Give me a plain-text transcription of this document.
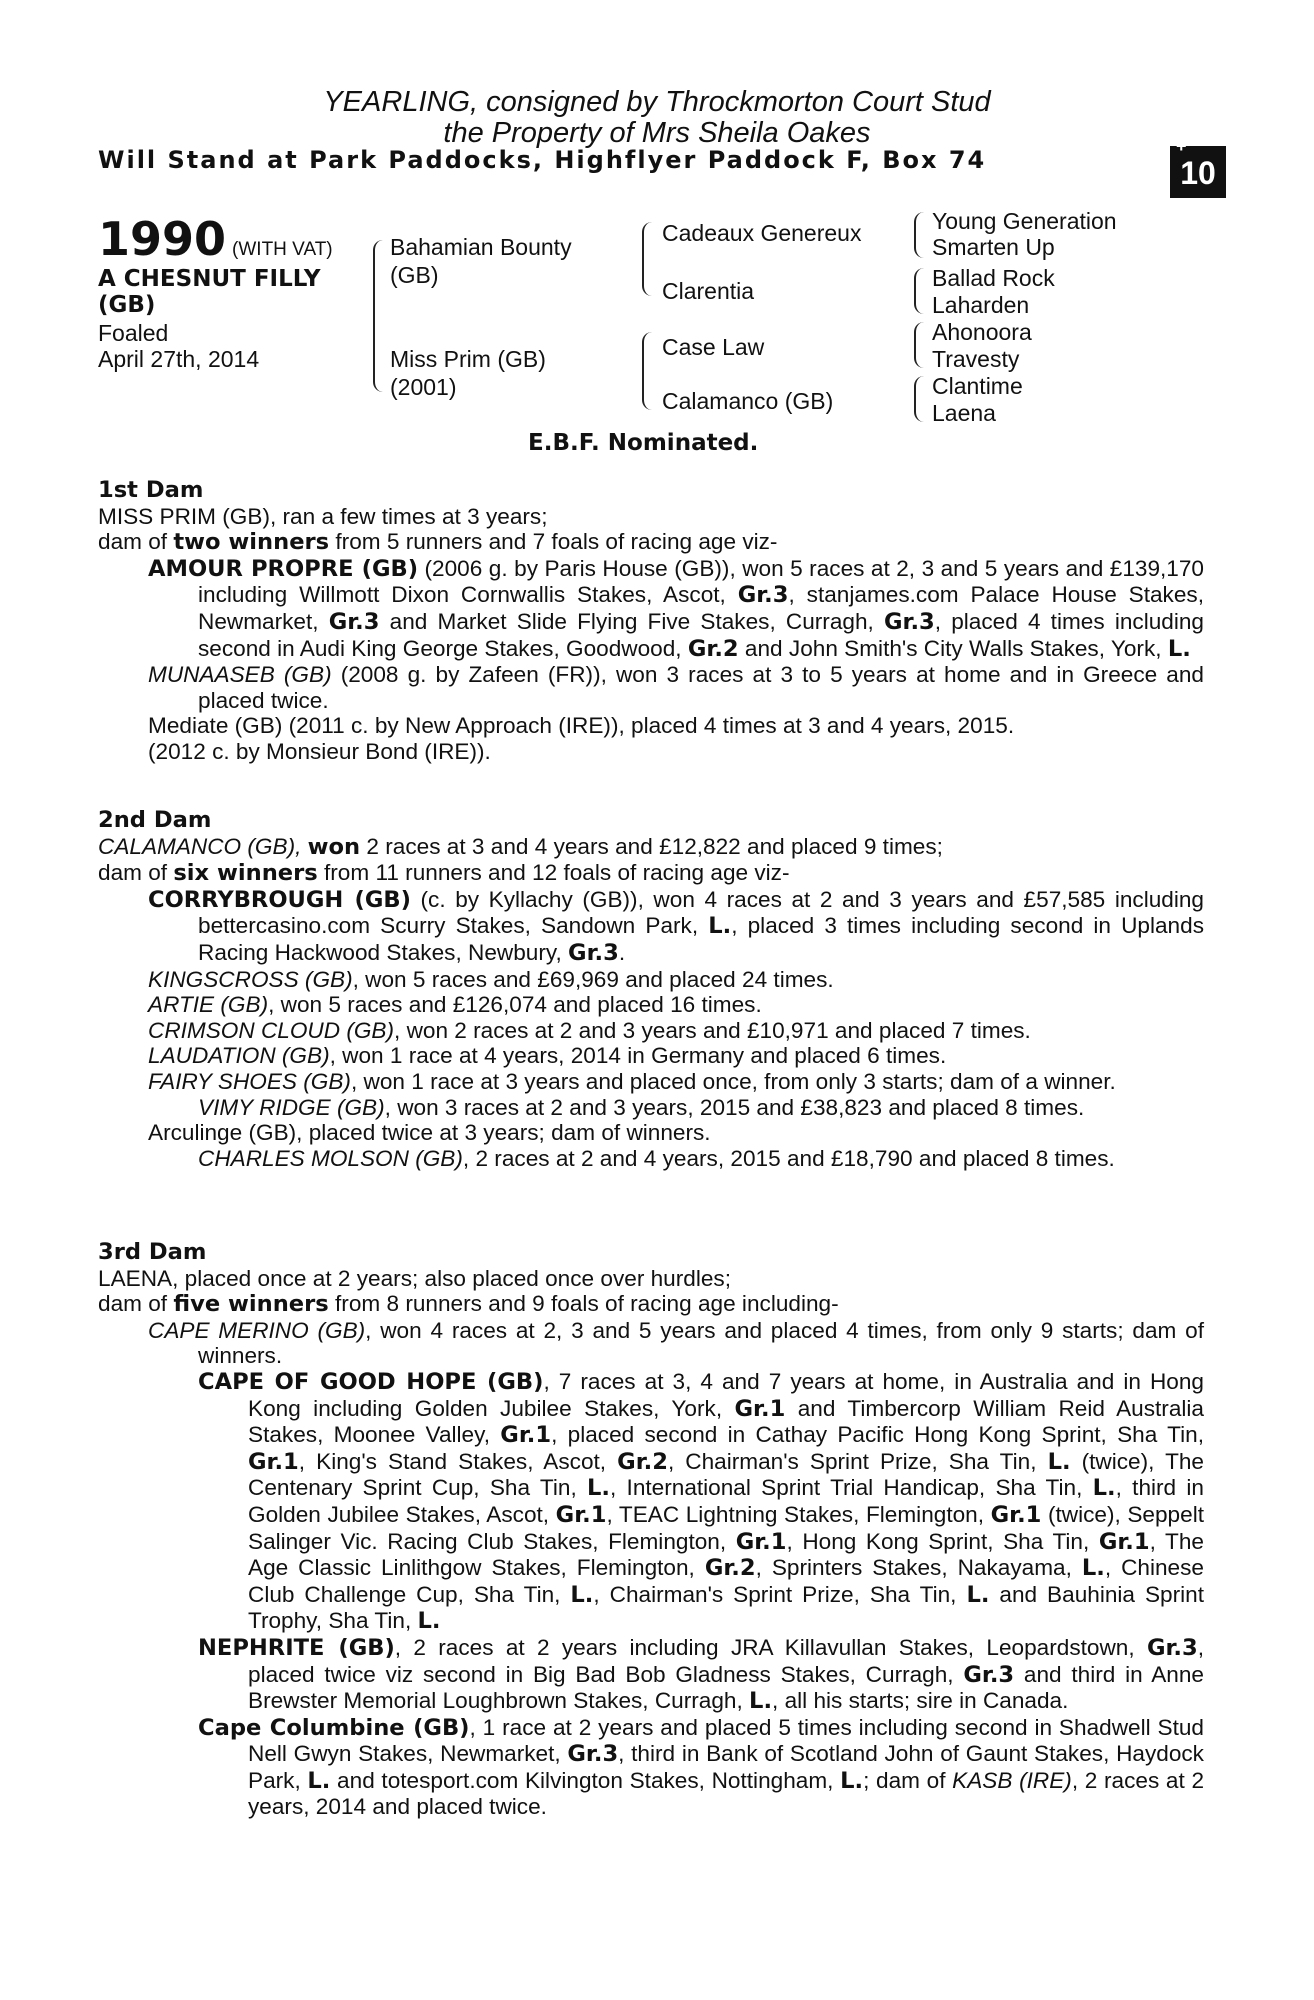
YEARLING, consigned by Throckmorton Court Stud
the Property of Mrs Sheila Oakes
Will Stand at Park Paddocks, Highflyer Paddock F, Box 74	+
10
1990 (WITH VAT)
A CHESNUT FILLY
(GB)
Foaled
April 27th, 2014
Bahamian Bounty
(GB)
Miss Prim (GB)
(2001)
Cadeaux Genereux
Clarentia
Case Law
Calamanco (GB)
Young Generation
Smarten Up
Ballad Rock
Laharden
Ahonoora
Travesty
Clantime
Laena
E.B.F. Nominated.

1st Dam

MISS PRIM (GB), ran a few times at 3 years;

dam of two winners from 5 runners and 7 foals of racing age viz-

AMOUR PROPRE (GB) (2006 g. by Paris House (GB)), won 5 races at 2, 3 and 5 years and £139,170 including Willmott Dixon Cornwallis Stakes, Ascot, Gr.3, stanjames.com Palace House Stakes, Newmarket, Gr.3 and Market Slide Flying Five Stakes, Curragh, Gr.3, placed 4 times including second in Audi King George Stakes, Goodwood, Gr.2 and John Smith's City Walls Stakes, York, L.

MUNAASEB (GB) (2008 g. by Zafeen (FR)), won 3 races at 3 to 5 years at home and in Greece and placed twice.

Mediate (GB) (2011 c. by New Approach (IRE)), placed 4 times at 3 and 4 years, 2015.

(2012 c. by Monsieur Bond (IRE)).

2nd Dam

CALAMANCO (GB), won 2 races at 3 and 4 years and £12,822 and placed 9 times;

dam of six winners from 11 runners and 12 foals of racing age viz-

CORRYBROUGH (GB) (c. by Kyllachy (GB)), won 4 races at 2 and 3 years and £57,585 including bettercasino.com Scurry Stakes, Sandown Park, L., placed 3 times including second in Uplands Racing Hackwood Stakes, Newbury, Gr.3.

KINGSCROSS (GB), won 5 races and £69,969 and placed 24 times.

ARTIE (GB), won 5 races and £126,074 and placed 16 times.

CRIMSON CLOUD (GB), won 2 races at 2 and 3 years and £10,971 and placed 7 times.

LAUDATION (GB), won 1 race at 4 years, 2014 in Germany and placed 6 times.

FAIRY SHOES (GB), won 1 race at 3 years and placed once, from only 3 starts; dam of a winner.

VIMY RIDGE (GB), won 3 races at 2 and 3 years, 2015 and £38,823 and placed 8 times.

Arculinge (GB), placed twice at 3 years; dam of winners.

CHARLES MOLSON (GB), 2 races at 2 and 4 years, 2015 and £18,790 and placed 8 times.

3rd Dam

LAENA, placed once at 2 years; also placed once over hurdles;

dam of five winners from 8 runners and 9 foals of racing age including-

CAPE MERINO (GB), won 4 races at 2, 3 and 5 years and placed 4 times, from only 9 starts; dam of winners.

CAPE OF GOOD HOPE (GB), 7 races at 3, 4 and 7 years at home, in Australia and in Hong Kong including Golden Jubilee Stakes, York, Gr.1 and Timbercorp William Reid Australia Stakes, Moonee Valley, Gr.1, placed second in Cathay Pacific Hong Kong Sprint, Sha Tin, Gr.1, King's Stand Stakes, Ascot, Gr.2, Chairman's Sprint Prize, Sha Tin, L. (twice), The Centenary Sprint Cup, Sha Tin, L., International Sprint Trial Handicap, Sha Tin, L., third in Golden Jubilee Stakes, Ascot, Gr.1, TEAC Lightning Stakes, Flemington, Gr.1 (twice), Seppelt Salinger Vic. Racing Club Stakes, Flemington, Gr.1, Hong Kong Sprint, Sha Tin, Gr.1, The Age Classic Linlithgow Stakes, Flemington, Gr.2, Sprinters Stakes, Nakayama, L., Chinese Club Challenge Cup, Sha Tin, L., Chairman's Sprint Prize, Sha Tin, L. and Bauhinia Sprint Trophy, Sha Tin, L.

NEPHRITE (GB), 2 races at 2 years including JRA Killavullan Stakes, Leopardstown, Gr.3, placed twice viz second in Big Bad Bob Gladness Stakes, Curragh, Gr.3 and third in Anne Brewster Memorial Loughbrown Stakes, Curragh, L., all his starts; sire in Canada.

Cape Columbine (GB), 1 race at 2 years and placed 5 times including second in Shadwell Stud Nell Gwyn Stakes, Newmarket, Gr.3, third in Bank of Scotland John of Gaunt Stakes, Haydock Park, L. and totesport.com Kilvington Stakes, Nottingham, L.; dam of KASB (IRE), 2 races at 2 years, 2014 and placed twice.
